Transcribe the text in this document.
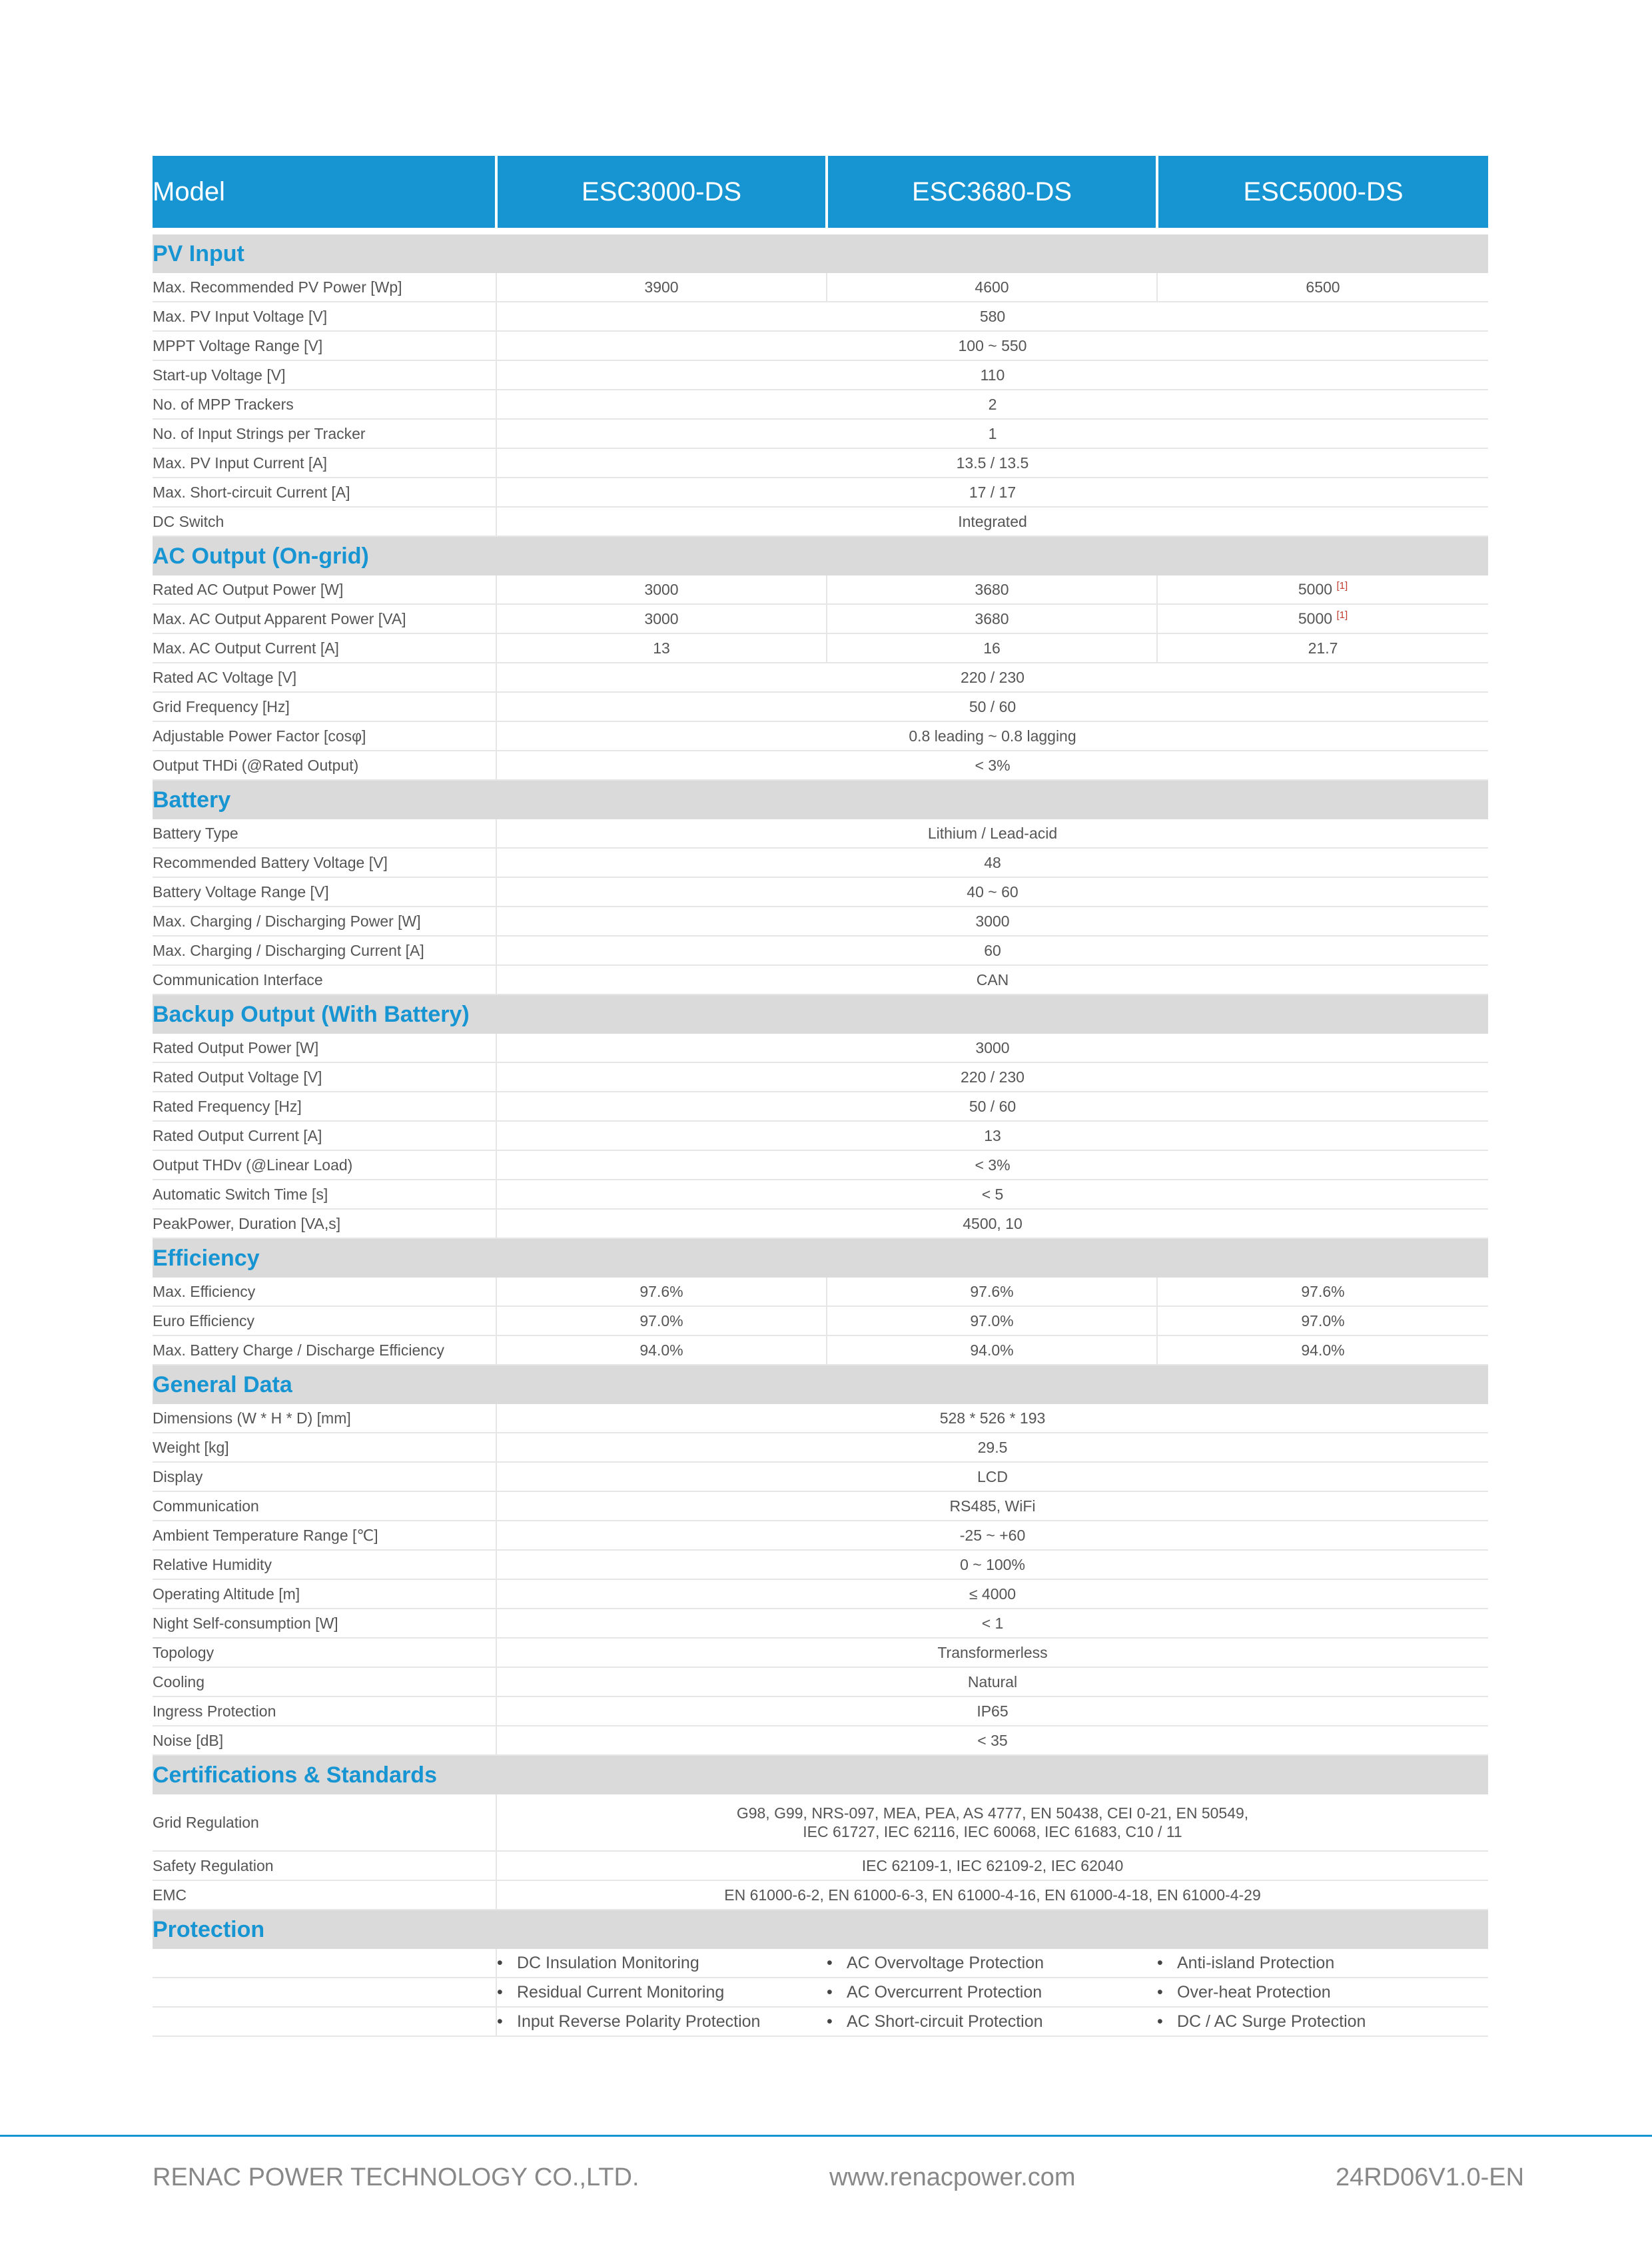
Model	ESC3000-DS	ESC3680-DS	ESC5000-DS

PV Input			
Max. Recommended PV Power [Wp]	3900	4600	6500
Max. PV Input Voltage [V]	580		
MPPT Voltage Range [V]	100 ~ 550		
Start-up Voltage [V]	110		
No. of MPP Trackers	2		
No. of Input Strings per Tracker	1		
Max. PV Input Current [A]	13.5 / 13.5		
Max. Short-circuit Current [A]	17 / 17		
DC Switch	Integrated		
AC Output (On-grid)			
Rated AC Output Power [W]	3000	3680	5000 [1]
Max. AC Output Apparent Power [VA]	3000	3680	5000 [1]
Max. AC Output Current [A]	13	16	21.7
Rated AC Voltage [V]	220 / 230		
Grid Frequency [Hz]	50 / 60		
Adjustable Power Factor [cosφ]	0.8 leading ~ 0.8 lagging		
Output THDi (@Rated Output)	< 3%		
Battery			
Battery Type	Lithium / Lead-acid		
Recommended Battery Voltage [V]	48		
Battery Voltage Range [V]	40 ~ 60		
Max. Charging / Discharging Power [W]	3000		
Max. Charging / Discharging Current [A]	60		
Communication Interface	CAN		
Backup Output (With Battery)			
Rated Output Power [W]	3000		
Rated Output Voltage [V]	220 / 230		
Rated Frequency [Hz]	50 / 60		
Rated Output Current [A]	13		
Output THDv (@Linear Load)	< 3%		
Automatic Switch Time [s]	< 5		
PeakPower, Duration [VA,s]	4500, 10		
Efficiency			
Max. Efficiency	97.6%	97.6%	97.6%
Euro Efficiency	97.0%	97.0%	97.0%
Max. Battery Charge / Discharge Efficiency	94.0%	94.0%	94.0%
General Data			
Dimensions (W * H * D) [mm]	528 * 526 * 193		
Weight [kg]	29.5		
Display	LCD		
Communication	RS485, WiFi		
Ambient Temperature Range [℃]	-25 ~ +60		
Relative Humidity	0 ~ 100%		
Operating Altitude [m]	≤ 4000		
Night Self-consumption [W]	< 1		
Topology	Transformerless		
Cooling	Natural		
Ingress Protection	IP65		
Noise [dB]	< 35		
Certifications & Standards			
Grid Regulation	G98, G99, NRS-097, MEA, PEA, AS 4777, EN 50438, CEI 0-21, EN 50549,
IEC 61727, IEC 62116, IEC 60068, IEC 61683, C10 / 11		

Safety Regulation	IEC 62109-1, IEC 62109-2, IEC 62040		
EMC	EN 61000-6-2, EN 61000-6-3, EN 61000-4-16, EN 61000-4-18, EN 61000-4-29		
Protection			
	• DC Insulation Monitoring	• AC Overvoltage Protection	• Anti-island Protection
	• Residual Current Monitoring	• AC Overcurrent Protection	• Over-heat Protection
	• Input Reverse Polarity Protection	• AC Short-circuit Protection	• DC / AC Surge Protection
RENAC POWER TECHNOLOGY CO.,LTD.	www.renacpower.com	24RD06V1.0-EN
